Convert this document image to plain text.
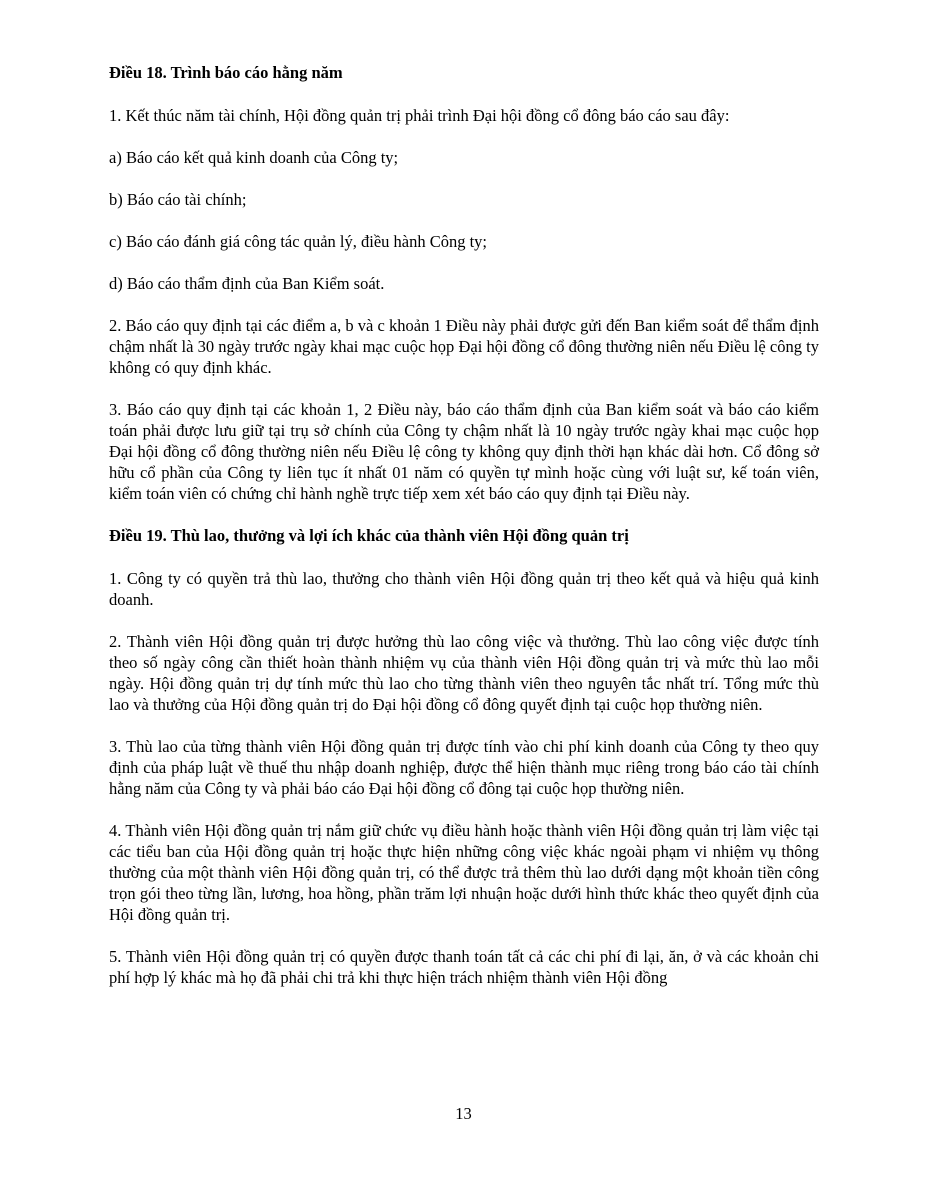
Điều 18. Trình báo cáo hằng năm

1. Kết thúc năm tài chính, Hội đồng quản trị phải trình Đại hội đồng cổ đông báo cáo sau đây:

a) Báo cáo kết quả kinh doanh của Công ty;

b) Báo cáo tài chính;

c) Báo cáo đánh giá công tác quản lý, điều hành Công ty;

d) Báo cáo thẩm định của Ban Kiểm soát.

2. Báo cáo quy định tại các điểm a, b và c khoản 1 Điều này phải được gửi đến Ban kiểm soát để thẩm định chậm nhất là 30 ngày trước ngày khai mạc cuộc họp Đại hội đồng cổ đông thường niên nếu Điều lệ công ty không có quy định khác.

3. Báo cáo quy định tại các khoản 1, 2 Điều này, báo cáo thẩm định của Ban kiểm soát và báo cáo kiểm toán phải được lưu giữ tại trụ sở chính của Công ty chậm nhất là 10 ngày trước ngày khai mạc cuộc họp Đại hội đồng cổ đông thường niên nếu Điều lệ công ty không quy định thời hạn khác dài hơn. Cổ đông sở hữu cổ phần của Công ty liên tục ít nhất 01 năm có quyền tự mình hoặc cùng với luật sư, kế toán viên, kiểm toán viên có chứng chỉ hành nghề trực tiếp xem xét báo cáo quy định tại Điều này.

Điều 19. Thù lao, thưởng và lợi ích khác của thành viên Hội đồng quản trị

1. Công ty có quyền trả thù lao, thưởng cho thành viên Hội đồng quản trị theo kết quả và hiệu quả kinh doanh.

2. Thành viên Hội đồng quản trị được hưởng thù lao công việc và thưởng. Thù lao công việc được tính theo số ngày công cần thiết hoàn thành nhiệm vụ của thành viên Hội đồng quản trị và mức thù lao mỗi ngày. Hội đồng quản trị dự tính mức thù lao cho từng thành viên theo nguyên tắc nhất trí. Tổng mức thù lao và thưởng của Hội đồng quản trị do Đại hội đồng cổ đông quyết định tại cuộc họp thường niên.

3. Thù lao của từng thành viên Hội đồng quản trị được tính vào chi phí kinh doanh của Công ty theo quy định của pháp luật về thuế thu nhập doanh nghiệp, được thể hiện thành mục riêng trong báo cáo tài chính hằng năm của Công ty và phải báo cáo Đại hội đồng cổ đông tại cuộc họp thường niên.

4. Thành viên Hội đồng quản trị nắm giữ chức vụ điều hành hoặc thành viên Hội đồng quản trị làm việc tại các tiểu ban của Hội đồng quản trị hoặc thực hiện những công việc khác ngoài phạm vi nhiệm vụ thông thường của một thành viên Hội đồng quản trị, có thể được trả thêm thù lao dưới dạng một khoản tiền công trọn gói theo từng lần, lương, hoa hồng, phần trăm lợi nhuận hoặc dưới hình thức khác theo quyết định của Hội đồng quản trị.

5. Thành viên Hội đồng quản trị có quyền được thanh toán tất cả các chi phí đi lại, ăn, ở và các khoản chi phí hợp lý khác mà họ đã phải chi trả khi thực hiện trách nhiệm thành viên Hội đồng

13
